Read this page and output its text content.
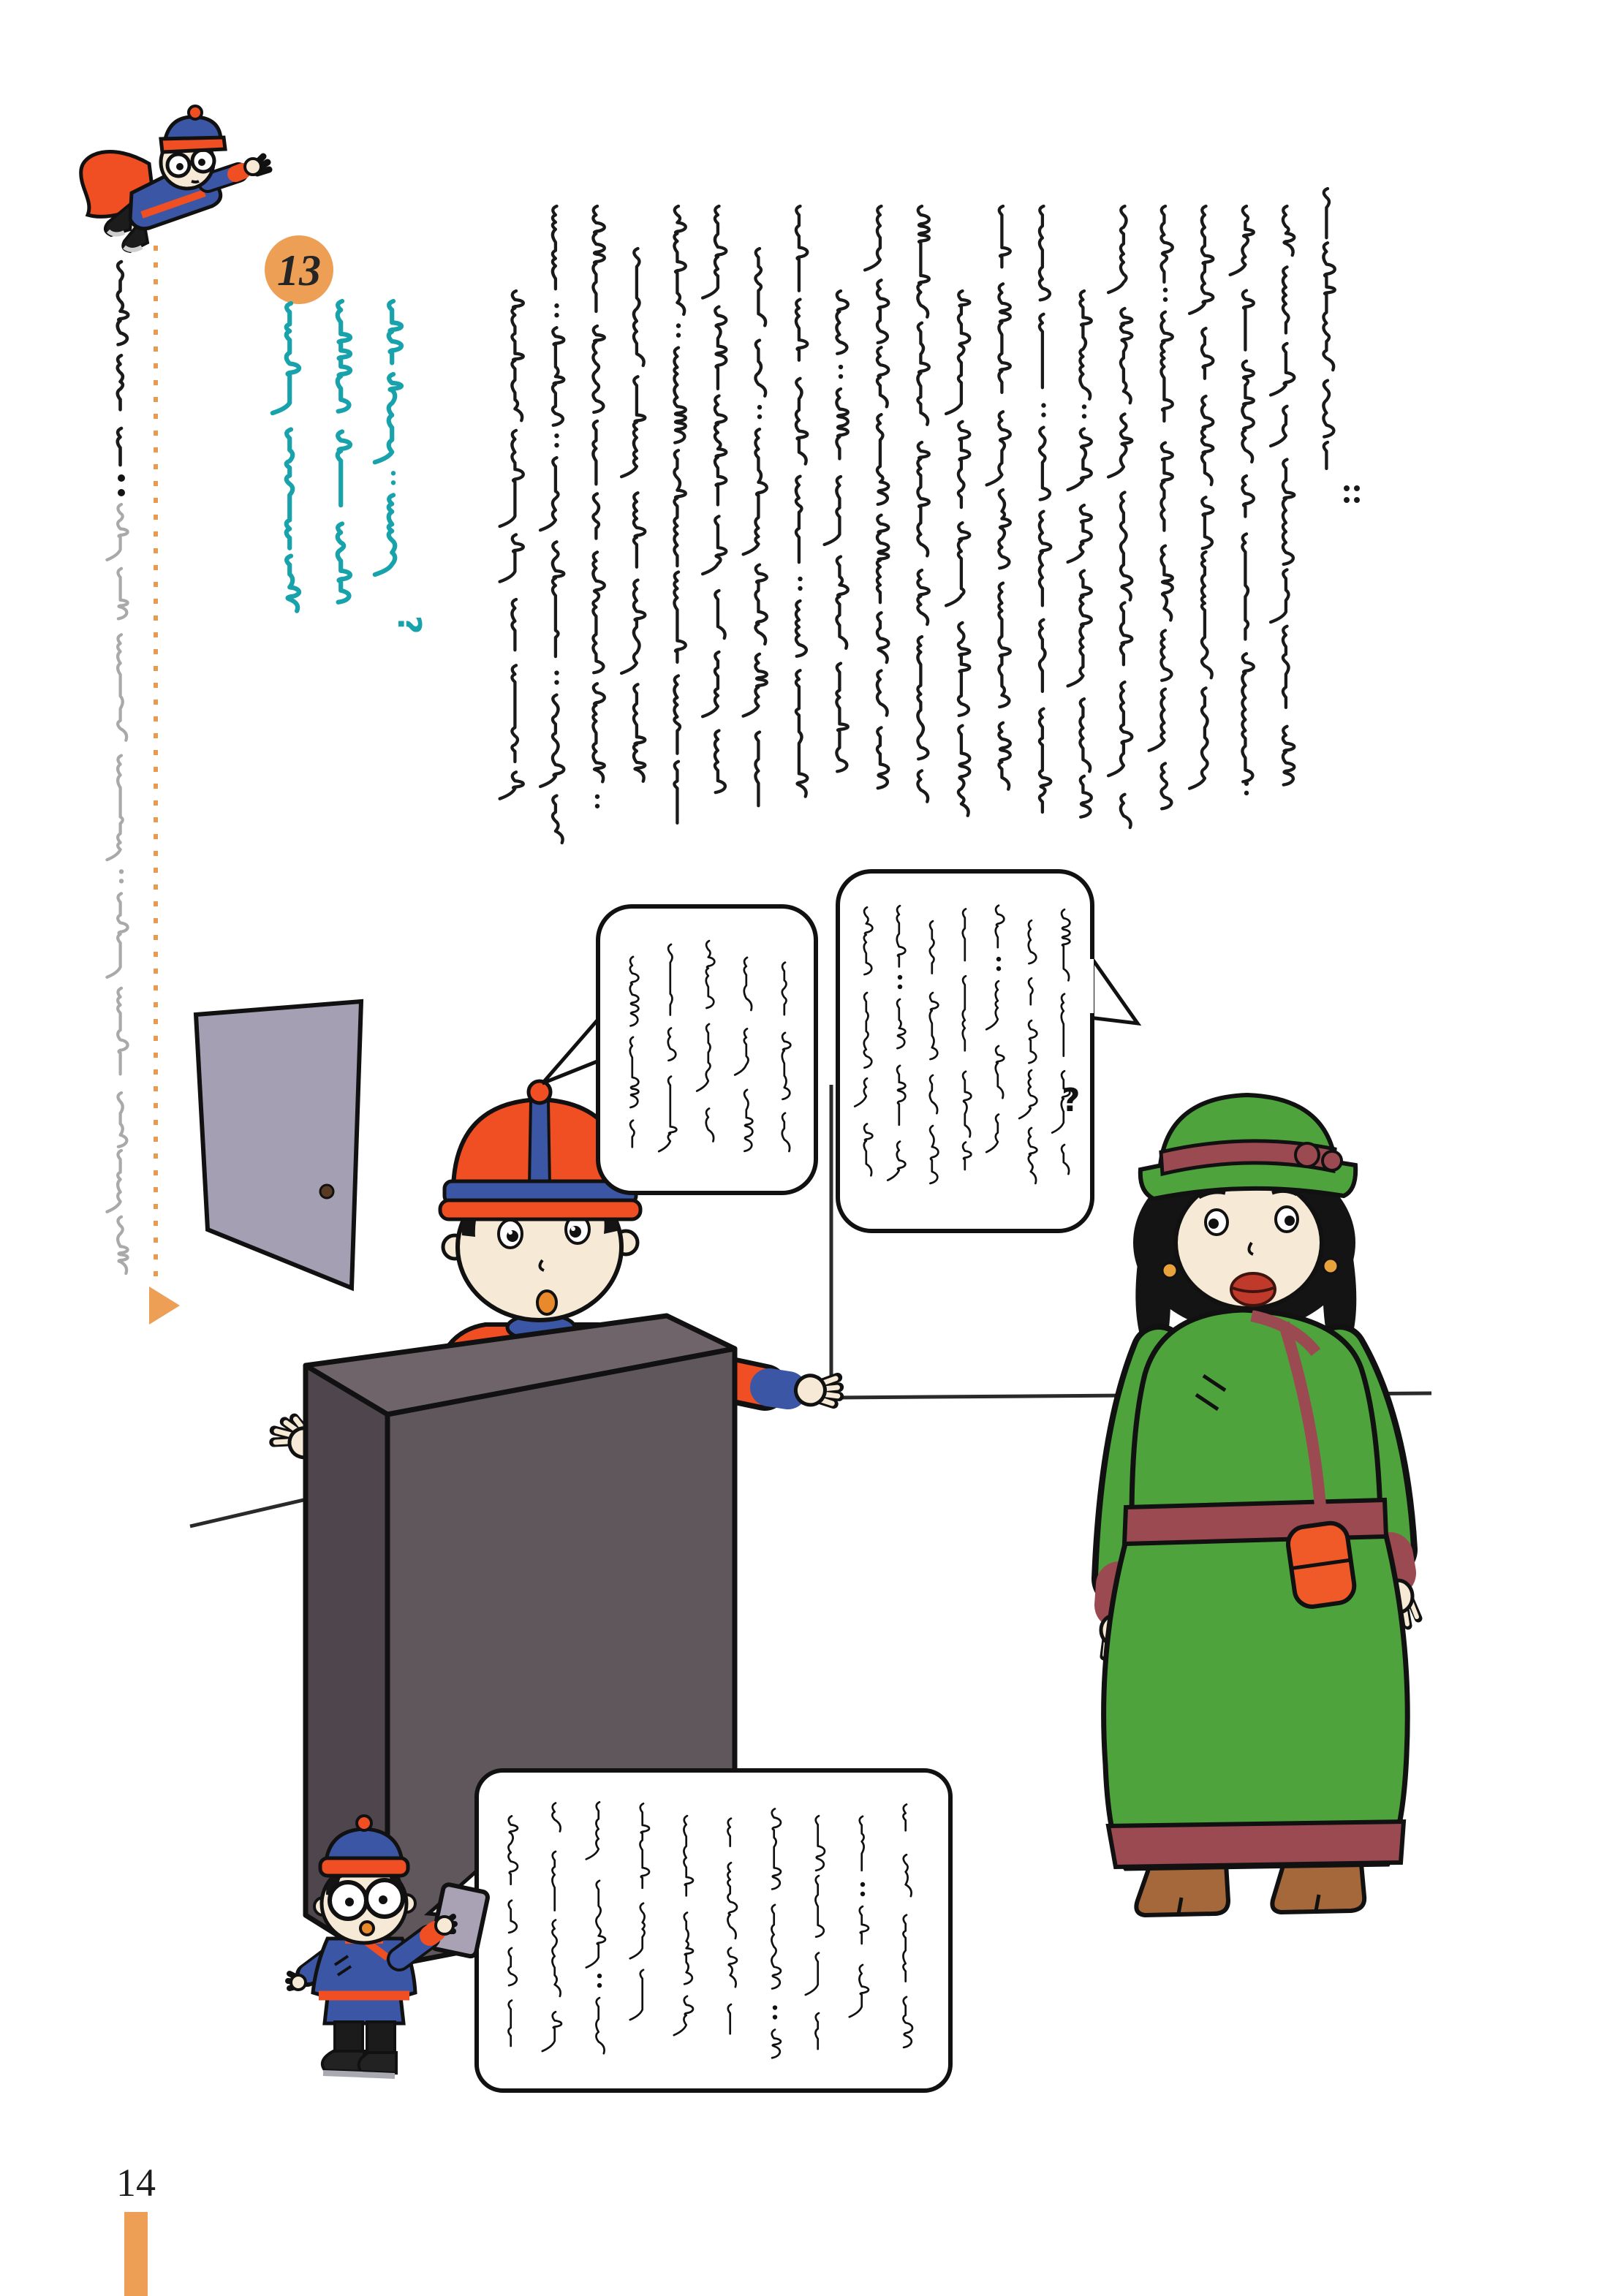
13
?
?
14
